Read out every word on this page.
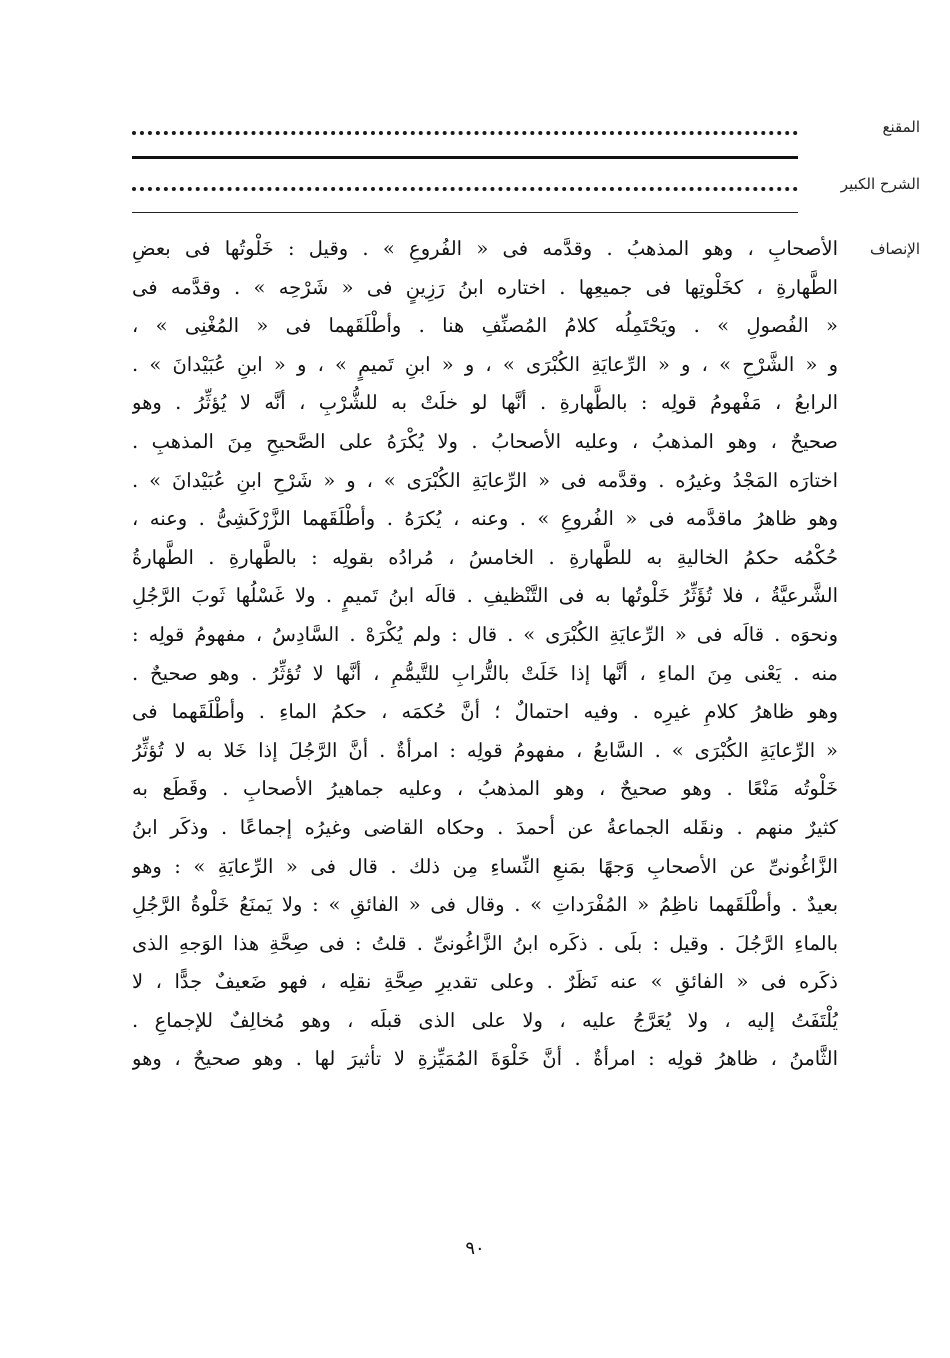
المقنع
الشرح الكبير
الإنصاف
الأصحابِ ، وهو المذهبُ . وقدَّمه فى « الفُروعِ » . وقيل : خَلْوتُها فى بعضِ
الطَّهارةِ ، كخَلْوتِها فى جميعِها . اختاره ابنُ رَزِينٍ فى « شَرْحِه » . وقدَّمه فى
« الفُصولِ » . ويَحْتَمِلُه كلامُ المُصنِّفِ هنا . وأطْلَقَهما فى « المُغْنِى » ،
و « الشَّرْحِ » ، و « الرِّعايَةِ الكُبْرَى » ، و « ابنِ تَميمٍ » ، و « ابنِ عُبَيْدانَ » .
الرابعُ ، مَفْهومُ قولِه : بالطَّهارةِ . أنَّها لو خلَتْ به للشُّرْبِ ، أنَّه لا يُؤثِّرُ . وهو
صحيحٌ ، وهو المذهبُ ، وعليه الأصحابُ . ولا يُكْرَهُ على الصَّحيحِ مِنَ المذهبِ .
اختارَه المَجْدُ وغيرُه . وقدَّمه فى « الرِّعايَةِ الكُبْرَى » ، و « شَرْحِ ابنِ عُبَيْدانَ » .
وهو ظاهرُ ماقدَّمه فى « الفُروعِ » . وعنه ، يُكرَهُ . وأطْلَقَهما الزَّرْكَشِىُّ . وعنه ،
حُكْمُه حكمُ الخاليةِ به للطَّهارةِ . الخامسُ ، مُرادُه بقولِه : بالطَّهارةِ . الطَّهارةُ
الشَّرعيَّةُ ، فلا تُؤَثِّرُ خَلْوتُها به فى التَّنْظيفِ . قالَه ابنُ تَميمٍ . ولا غَسْلُها ثَوبَ الرَّجُلِ
ونحوَه . قالَه فى « الرِّعايَةِ الكُبْرَى » . قال : ولم يُكْرَهْ . السَّادِسُ ، مفهومُ قولِه :
منه . يَعْنى مِنَ الماءِ ، أنَّها إذا خَلَتْ بالتُّرابِ للتَّيمُّمِ ، أنَّها لا تُؤثِّرُ . وهو صحيحٌ .
وهو ظاهرُ كلامِ غيرِه . وفيه احتمالٌ ؛ أنَّ حُكمَه ، حكمُ الماءِ . وأطْلَقَهما فى
« الرِّعايَةِ الكُبْرَى » . السَّابعُ ، مفهومُ قولِه : امرأةٌ . أنَّ الرَّجُلَ إذا خَلا به لا تُؤثِّرُ
خَلْوتُه مَنْعًا . وهو صحيحٌ ، وهو المذهبُ ، وعليه جماهيرُ الأصحابِ . وقَطَع به
كثيرٌ منهم . ونقَله الجماعةُ عن أحمدَ . وحكاه القاضى وغيرُه إجماعًا . وذكَر ابنُ
الزَّاغُونىِّ عن الأصحابِ وَجهًا بمَنعِ النِّساءِ مِن ذلك . قال فى « الرِّعايَةِ » : وهو
بعيدٌ . وأطْلَقَهما ناظِمُ « المُفْرَداتِ » . وقال فى « الفائقِ » : ولا يَمنَعُ خَلْوةُ الرَّجُلِ
بالماءِ الرَّجُلَ . وقيل : بلَى . ذكَره ابنُ الزَّاغُونىِّ . قلتُ : فى صِحَّةِ هذا الوَجهِ الذى
ذكَره فى « الفائقِ » عنه نَظَرٌ . وعلى تقديرِ صِحَّةِ نقلِه ، فهو ضَعيفٌ جدًّا ، لا
يُلْتَفَتُ إليه ، ولا يُعَرَّجُ عليه ، ولا على الذى قبلَه ، وهو مُخالِفٌ للإجماعِ .
الثَّامنُ ، ظاهرُ قولِه : امرأةٌ . أنَّ خَلْوَةَ المُمَيِّزةِ لا تأثيرَ لها . وهو صحيحٌ ، وهو
٩٠
